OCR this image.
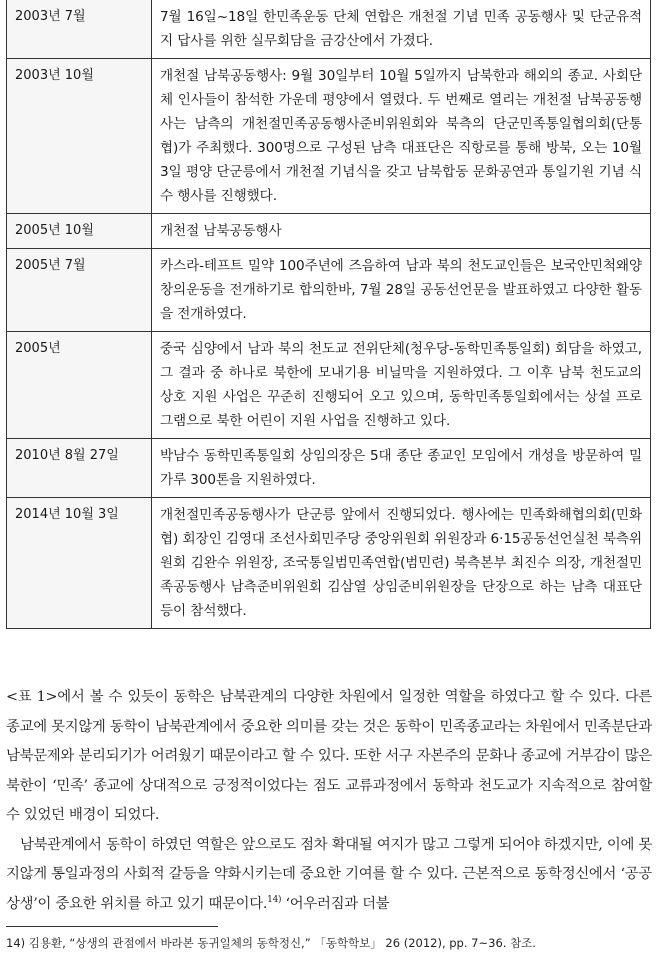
2003년 7월	7월 16일~18일 한민족운동 단체 연합은 개천절 기념 민족 공동행사 및 단군유적지 답사를 위한 실무회담을 금강산에서 가졌다.
2003년 10월	개천절 남북공동행사: 9월 30일부터 10월 5일까지 남북한과 해외의 종교. 사회단체 인사들이 참석한 가운데 평양에서 열렸다. 두 번째로 열리는 개천절 남북공동행사는 남측의 개천절민족공동행사준비위원회와 북측의 단군민족통일협의회(단통협)가 주최했다. 300명으로 구성된 남측 대표단은 직항로를 통해 방북, 오는 10월 3일 평양 단군릉에서 개천절 기념식을 갖고 남북합동 문화공연과 통일기원 기념 식수 행사를 진행했다.
2005년 10월	개천절 남북공동행사
2005년 7월	카스라-테프트 밀약 100주년에 즈음하여 남과 북의 천도교인들은 보국안민척왜양창의운동을 전개하기로 합의한바, 7월 28일 공동선언문을 발표하였고 다양한 활동을 전개하였다.
2005년	중국 심양에서 남과 북의 천도교 전위단체(청우당-동학민족통일회) 회담을 하였고, 그 결과 중 하나로 북한에 모내기용 비닐막을 지원하였다. 그 이후 남북 천도교의 상호 지원 사업은 꾸준히 진행되어 오고 있으며, 동학민족통일회에서는 상설 프로그램으로 북한 어린이 지원 사업을 진행하고 있다.
2010년 8월 27일	박남수 동학민족통일회 상임의장은 5대 종단 종교인 모임에서 개성을 방문하여 밀가루 300톤을 지원하였다.
2014년 10월 3일	개천절민족공동행사가 단군릉 앞에서 진행되었다. 행사에는 민족화해협의회(민화협) 회장인 김영대 조선사회민주당 중앙위원회 위원장과 6·15공동선언실천 북측위원회 김완수 위원장, 조국통일범민족연합(범민련) 북측본부 최진수 의장, 개천절민족공동행사 남측준비위원회 김삼열 상임준비위원장을 단장으로 하는 남측 대표단 등이 참석했다.

<표 1>에서 볼 수 있듯이 동학은 남북관계의 다양한 차원에서 일정한 역할을 하였다고 할 수 있다. 다른 종교에 못지않게 동학이 남북관계에서 중요한 의미를 갖는 것은 동학이 민족종교라는 차원에서 민족분단과 남북문제와 분리되기가 어려웠기 때문이라고 할 수 있다. 또한 서구 자본주의 문화나 종교에 거부감이 많은 북한이 ‘민족’ 종교에 상대적으로 긍정적이었다는 점도 교류과정에서 동학과 천도교가 지속적으로 참여할 수 있었던 배경이 되었다.

남북관계에서 동학이 하였던 역할은 앞으로도 점차 확대될 여지가 많고 그렇게 되어야 하겠지만, 이에 못지않게 통일과정의 사회적 갈등을 약화시키는데 중요한 기여를 할 수 있다. 근본적으로 동학정신에서 ‘공공상생’이 중요한 위치를 하고 있기 때문이다.$^{14)}$ ‘어우러짐과 더불

14) 김용환, “상생의 관점에서 바라본 동귀일체의 동학정신,” 「동학학보」 26 (2012), pp. 7~36. 참조.
